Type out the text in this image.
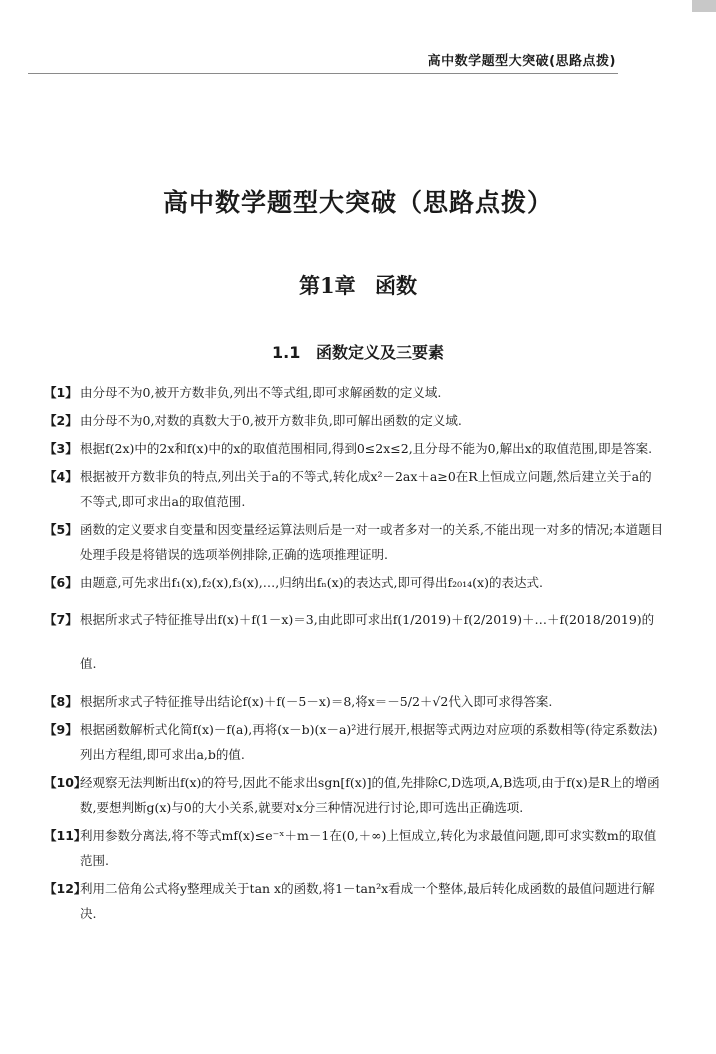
高中数学题型大突破(思路点拨)
高中数学题型大突破（思路点拨）
第1章 函数
1.1 函数定义及三要素
【1】 由分母不为0,被开方数非负,列出不等式组,即可求解函数的定义域.
【2】 由分母不为0,对数的真数大于0,被开方数非负,即可解出函数的定义域.
【3】 根据f(2x)中的2x和f(x)中的x的取值范围相同,得到0≤2x≤2,且分母不能为0,解出x的取值范围,即是答案.
【4】 根据被开方数非负的特点,列出关于a的不等式,转化成x²－2ax＋a≥0在R上恒成立问题,然后建立关于a的不等式,即可求出a的取值范围.
【5】 函数的定义要求自变量和因变量经运算法则后是一对一或者多对一的关系,不能出现一对多的情况;本道题目处理手段是将错误的选项举例排除,正确的选项推理证明.
【6】 由题意,可先求出f₁(x),f₂(x),f₃(x),…,归纳出fₙ(x)的表达式,即可得出f₂₀₁₄(x)的表达式.
【7】 根据所求式子特征推导出f(x)＋f(1－x)＝3,由此即可求出f(1/2019)＋f(2/2019)＋…＋f(2018/2019)的值.
【8】 根据所求式子特征推导出结论f(x)＋f(－5－x)＝8,将x＝－5/2＋√2代入即可求得答案.
【9】 根据函数解析式化简f(x)－f(a),再将(x－b)(x－a)²进行展开,根据等式两边对应项的系数相等(待定系数法)列出方程组,即可求出a,b的值.
【10】
经观察无法判断出f(x)的符号,因此不能求出sgn[f(x)]的值,先排除C,D选项,A,B选项,由于f(x)是R上的增函数,要想判断g(x)与0的大小关系,就要对x分三种情况进行讨论,即可选出正确选项.
【11】
利用参数分离法,将不等式mf(x)≤e⁻ˣ＋m－1在(0,＋∞)上恒成立,转化为求最值问题,即可求实数m的取值范围.
【12】
利用二倍角公式将y整理成关于tan x的函数,将1－tan²x看成一个整体,最后转化成函数的最值问题进行解决.
